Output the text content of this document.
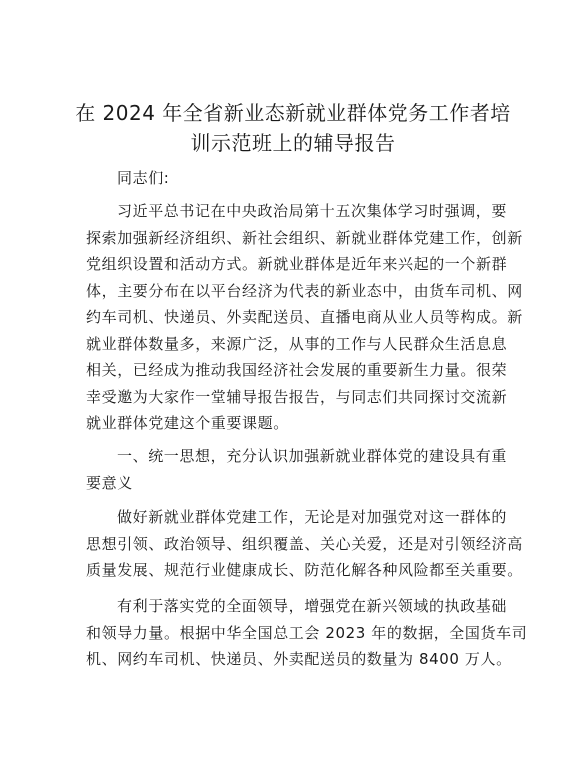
在 2024 年全省新业态新就业群体党务工作者培
训示范班上的辅导报告
同志们:
习近平总书记在中央政治局第十五次集体学习时强调，要
探索加强新经济组织、新社会组织、新就业群体党建工作，创新
党组织设置和活动方式。新就业群体是近年来兴起的一个新群
体，主要分布在以平台经济为代表的新业态中，由货车司机、网
约车司机、快递员、外卖配送员、直播电商从业人员等构成。新
就业群体数量多，来源广泛，从事的工作与人民群众生活息息
相关，已经成为推动我国经济社会发展的重要新生力量。很荣
幸受邀为大家作一堂辅导报告报告，与同志们共同探讨交流新
就业群体党建这个重要课题。
一、统一思想，充分认识加强新就业群体党的建设具有重
要意义
做好新就业群体党建工作，无论是对加强党对这一群体的
思想引领、政治领导、组织覆盖、关心关爱，还是对引领经济高
质量发展、规范行业健康成长、防范化解各种风险都至关重要。
有利于落实党的全面领导，增强党在新兴领域的执政基础
和领导力量。根据中华全国总工会 2023 年的数据，全国货车司
机、网约车司机、快递员、外卖配送员的数量为 8400 万人。
